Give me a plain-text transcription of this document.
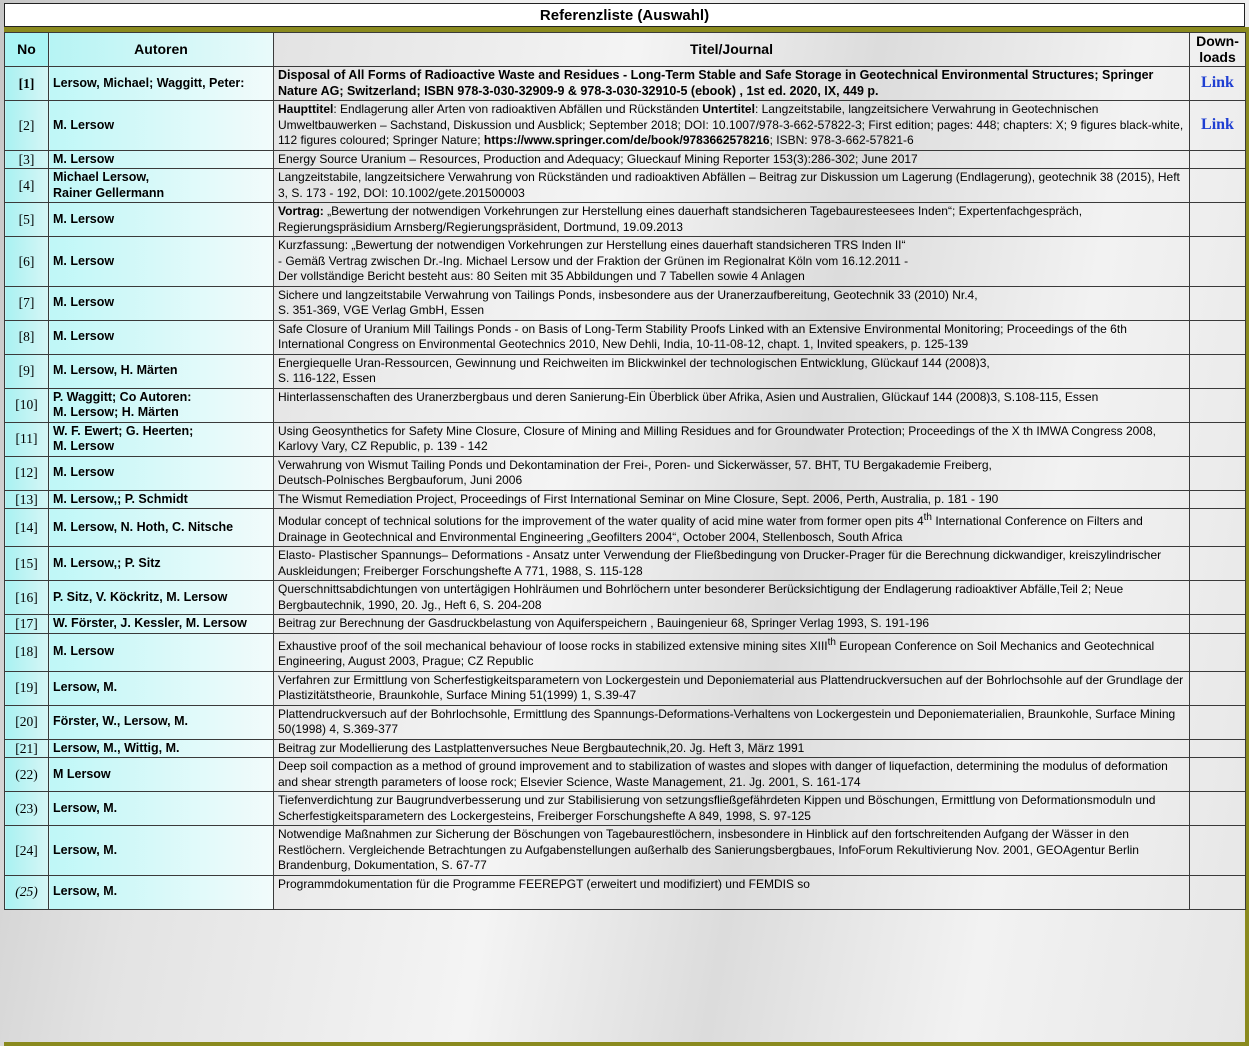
Referenzliste (Auswahl)
No	Autoren	Titel/Journal	Down-
loads

[1]	Lersow, Michael; Waggitt, Peter:	Disposal of All Forms of Radioactive Waste and Residues - Long-Term Stable and Safe Storage in Geotechnical Environmental Structures; Springer Nature AG; Switzerland; ISBN 978-3-030-32909-9 & 978-3-030-32910-5 (ebook) , 1st ed. 2020, IX, 449 p.	Link
[2]	M. Lersow	Haupttitel: Endlagerung aller Arten von radioaktiven Abfällen und Rückständen Untertitel: Langzeitstabile, langzeitsichere Verwahrung in Geotechnischen Umweltbauwerken – Sachstand, Diskussion und Ausblick; September 2018; DOI: 10.1007/978-3-662-57822-3; First edition; pages: 448; chapters: X; 9 figures black-white, 112 figures coloured; Springer Nature; https://www.springer.com/de/book/9783662578216; ISBN: 978-3-662-57821-6	Link
[3]	M. Lersow	Energy Source Uranium – Resources, Production and Adequacy; Glueckauf Mining Reporter 153(3):286-302; June 2017	
[4]	Michael Lersow,
Rainer Gellermann	Langzeitstabile, langzeitsichere Verwahrung von Rückständen und radioaktiven Abfällen – Beitrag zur Diskussion um Lagerung (Endlagerung), geotechnik 38 (2015), Heft 3, S. 173 - 192, DOI: 10.1002/gete.201500003	
[5]	M. Lersow	Vortrag: „Bewertung der notwendigen Vorkehrungen zur Herstellung eines dauerhaft standsicheren Tagebauresteesees Inden“; Expertenfachgespräch, Regierungspräsidium Arnsberg/Regierungspräsident, Dortmund, 19.09.2013	
[6]	M. Lersow	Kurzfassung: „Bewertung der notwendigen Vorkehrungen zur Herstellung eines dauerhaft standsicheren TRS Inden II“
- Gemäß Vertrag zwischen Dr.-Ing. Michael Lersow und der Fraktion der Grünen im Regionalrat Köln vom 16.12.2011 -
Der vollständige Bericht besteht aus: 80 Seiten mit 35 Abbildungen und 7 Tabellen sowie 4 Anlagen	
[7]	M. Lersow	Sichere und langzeitstabile Verwahrung von Tailings Ponds, insbesondere aus der Uranerzaufbereitung, Geotechnik 33 (2010) Nr.4,
S. 351-369, VGE Verlag GmbH, Essen	
[8]	M. Lersow	Safe Closure of Uranium Mill Tailings Ponds - on Basis of Long-Term Stability Proofs Linked with an Extensive Environmental Monitoring; Proceedings of the 6th International Congress on Environmental Geotechnics 2010, New Dehli, India, 10-11-08-12, chapt. 1, Invited speakers, p. 125-139	
[9]	M. Lersow, H. Märten	Energiequelle Uran-Ressourcen, Gewinnung und Reichweiten im Blickwinkel der technologischen Entwicklung, Glückauf 144 (2008)3,
S. 116-122, Essen	
[10]	P. Waggitt; Co Autoren:
M. Lersow; H. Märten	Hinterlassenschaften des Uranerzbergbaus und deren Sanierung-Ein Überblick über Afrika, Asien und Australien, Glückauf 144 (2008)3, S.108-115, Essen

[11]	W. F. Ewert; G. Heerten;
M. Lersow	Using Geosynthetics for Safety Mine Closure, Closure of Mining and Milling Residues and for Groundwater Protection; Proceedings of the X th IMWA Congress 2008, Karlovy Vary, CZ Republic, p. 139 - 142	
[12]	M. Lersow	Verwahrung von Wismut Tailing Ponds und Dekontamination der Frei-, Poren- und Sickerwässer, 57. BHT, TU Bergakademie Freiberg,
Deutsch-Polnisches Bergbauforum, Juni 2006	
[13]	M. Lersow,; P. Schmidt	The Wismut Remediation Project, Proceedings of First International Seminar on Mine Closure, Sept. 2006, Perth, Australia, p. 181 - 190	
[14]	M. Lersow, N. Hoth, C. Nitsche	Modular concept of technical solutions for the improvement of the water quality of acid mine water from former open pits 4th International Conference on Filters and Drainage in Geotechnical and Environmental Engineering „Geofilters 2004“, October 2004, Stellenbosch, South Africa	
[15]	M. Lersow,; P. Sitz	Elasto- Plastischer Spannungs– Deformations - Ansatz unter Verwendung der Fließbedingung von Drucker-Prager für die Berechnung dickwandiger, kreiszylindrischer Auskleidungen; Freiberger Forschungshefte A 771, 1988, S. 115-128	
[16]	P. Sitz, V. Köckritz, M. Lersow	Querschnittsabdichtungen von untertägigen Hohlräumen und Bohrlöchern unter besonderer Berücksichtigung der Endlagerung radioaktiver Abfälle,Teil 2; Neue Bergbautechnik, 1990, 20. Jg., Heft 6, S. 204-208	
[17]	W. Förster, J. Kessler, M. Lersow	Beitrag zur Berechnung der Gasdruckbelastung von Aquiferspeichern , Bauingenieur 68, Springer Verlag 1993, S. 191-196	
[18]	M. Lersow	Exhaustive proof of the soil mechanical behaviour of loose rocks in stabilized extensive mining sites XIIIth European Conference on Soil Mechanics and Geotechnical Engineering, August 2003, Prague; CZ Republic	
[19]	Lersow, M.	Verfahren zur Ermittlung von Scherfestigkeitsparametern von Lockergestein und Deponiematerial aus Plattendruckversuchen auf der Bohrlochsohle auf der Grundlage der Plastizitätstheorie, Braunkohle, Surface Mining 51(1999) 1, S.39-47	
[20]	Förster, W., Lersow, M.	Plattendruckversuch auf der Bohrlochsohle, Ermittlung des Spannungs-Deformations-Verhaltens von Lockergestein und Deponiematerialien, Braunkohle, Surface Mining 50(1998) 4, S.369-377	
[21]	Lersow, M., Wittig, M.	Beitrag zur Modellierung des Lastplattenversuches Neue Bergbautechnik,20. Jg. Heft 3, März 1991	
(22)	M Lersow	Deep soil compaction as a method of ground improvement and to stabilization of wastes and slopes with danger of liquefaction, determining the modulus of deformation and shear strength parameters of loose rock; Elsevier Science, Waste Management, 21. Jg. 2001, S. 161-174	
(23)	Lersow, M.	Tiefenverdichtung zur Baugrundverbesserung und zur Stabilisierung von setzungsfließgefährdeten Kippen und Böschungen, Ermittlung von Deformationsmoduln und Scherfestigkeitsparametern des Lockergesteins, Freiberger Forschungshefte A 849, 1998, S. 97-125	
[24]	Lersow, M.	Notwendige Maßnahmen zur Sicherung der Böschungen von Tagebaurestlöchern, insbesondere in Hinblick auf den fortschreitenden Aufgang der Wässer in den Restlöchern. Vergleichende Betrachtungen zu Aufgabenstellungen außerhalb des Sanierungsbergbaues, InfoForum Rekultivierung Nov. 2001, GEOAgentur Berlin Brandenburg, Dokumentation, S. 67-77	
(25)	Lersow, M.	Programmdokumentation für die Programme FEEREPGT (erweitert und modifiziert) und FEMDIS so
